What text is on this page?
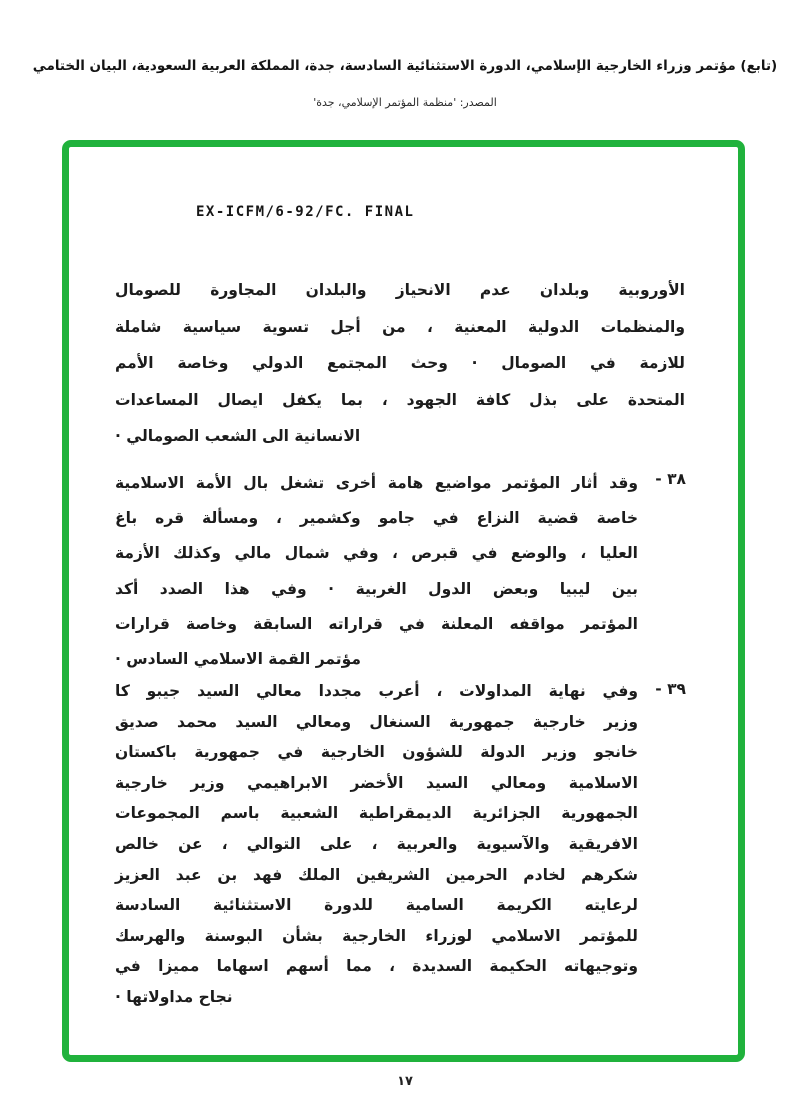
(تابع) مؤتمر وزراء الخارجية الإسلامي، الدورة الاستثنائية السادسة، جدة، المملكة العربية السعودية، البيان الختامي
المصدر: 'منظمة المؤتمر الإسلامي، جدة'
EX-ICFM/6-92/FC. FINAL
الأوروبية وبلدان عدم الانحياز والبلدان المجاورة للصومال
والمنظمات الدولية المعنية ، من أجل تسوية سياسية شاملة
للازمة في الصومال · وحث المجتمع الدولي وخاصة الأمم
المتحدة على بذل كافة الجهود ، بما يكفل ايصال المساعدات
الانسانية الى الشعب الصومالي ·
٣٨ -
وقد أثار المؤتمر مواضيع هامة أخرى تشغل بال الأمة الاسلامية
خاصة قضية النزاع في جامو وكشمير ، ومسألة قره باغ
العليا ، والوضع في قبرص ، وفي شمال مالي وكذلك الأزمة
بين ليبيا وبعض الدول الغربية · وفي هذا الصدد أكد
المؤتمر مواقفه المعلنة في قراراته السابقة وخاصة قرارات
مؤتمر القمة الاسلامي السادس ·
٣٩ -
وفي نهاية المداولات ، أعرب مجددا معالي السيد جيبو كا
وزير خارجية جمهورية السنغال ومعالي السيد محمد صديق
خانجو وزير الدولة للشؤون الخارجية في جمهورية باكستان
الاسلامية ومعالي السيد الأخضر الابراهيمي وزير خارجية
الجمهورية الجزائرية الديمقراطية الشعبية باسم المجموعات
الافريقية والآسيوية والعربية ، على التوالي ، عن خالص
شكرهم لخادم الحرمين الشريفين الملك فهد بن عبد العزيز
لرعايته الكريمة السامية للدورة الاستثنائية السادسة
للمؤتمر الاسلامي لوزراء الخارجية بشأن البوسنة والهرسك
وتوجيهاته الحكيمة السديدة ، مما أسهم اسهاما مميزا في
نجاح مداولاتها ·
١٧
